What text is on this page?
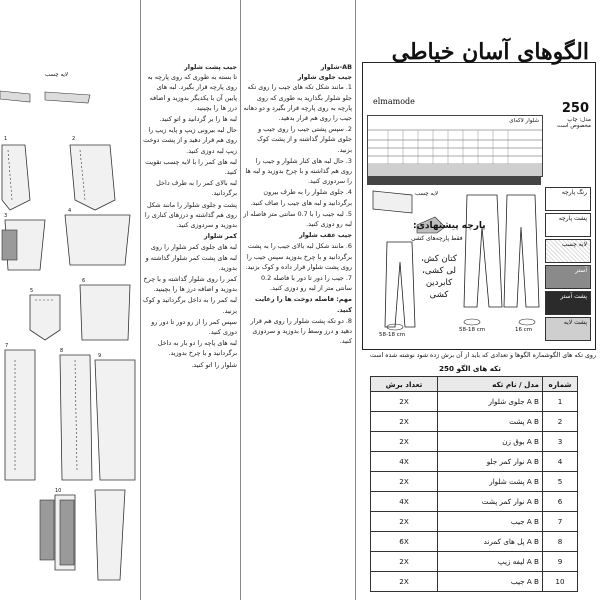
1	2
3
4
5
6
7
8
9
10
لایه چسب
جیب پشت شلوار

تا بسته به طوری که روی پارچه به روی پارچه قرار بگیرد. لبه های پایین آن با یکدیگر بدوزید و اضافه درز ها را بچینید.

لبه ها را بر گردانید و اتو کنید.

حال لبه بیرونی زیپ و پایه زیپ را روی هم قرار دهید و از پشت دوخت زیپ لبه دوزی کنید.

لبه های کمر را با لایه چسب تقویت کنید.

لبه بالای کمر را به طرف داخل برگردانید.

پشت و جلوی شلوار را مانند شکل روی هم گذاشته و درزهای کناری را بدوزید و سردوزی کنید.

کمر شلوار

لبه های جلوی کمر شلوار را روی لبه های پشت کمر شلوار گذاشته و بدوزید.

کمر را روی شلوار گذاشته و با چرخ بدوزید و اضافه درز ها را بچینید.

لبه کمر را به داخل برگردانید و کوک بزنید.

سپس کمر را از رو دور تا دور رو دوزی کنید.

لبه های پاچه را دو بار به داخل برگردانید و با چرخ بدوزید.

شلوار را اتو کنید.

AB-شلوار
جیب جلوی شلوار

1. مانند شکل تکه های جیب را روی تکه جلو شلوار بگذارید به طوری که روی پارچه به روی پارچه قرار بگیرد و دو دهانه جیب را روی هم قرار بدهید.

2. سپس پشتی جیب را روی جیب و جلوی شلوار گذاشته و از پشت کوک بزنید.

3. حال لبه های کنار شلوار و جیب را روی هم گذاشته و با چرخ بدوزید و لبه ها را سردوزی کنید.

4. جلوی شلوار را به طرف بیرون برگردانید و لبه های جیب را صاف کنید.

5. لبه جیب را با 0.7 سانتی متر فاصله از لبه رو دوزی کنید.

جیب عقب شلوار

6. مانند شکل لبه بالای جیب را به پشت برگردانید و با چرخ بدوزید سپس جیب را روی پشت شلوار قرار داده و کوک بزنید.

7. جیب را دور تا دور با فاصله 0.2 سانتی متر از لبه رو دوزی کنید.

مهم: فاصله دوخت ها را رعایت کنید.

8. دو تکه پشت شلوار را روی هم قرار دهید و درز وسط را بدوزید و سردوزی کنید.

الگوهای آسان خیاطی
elmamode	250
شلوار لاکه‌ای	مدل: چاپ
مخصوص است
58-18 cm
58-18 cm	16 cm
لایه چسب
پارچه پیشنهادی:
فقط پارچه‌های کشی
کتان کش، لی کشی، کابردین کشی
رنگ پارچه
پشت پارچه
لایه چسب
آستر
پشت آستر
پشت لایه
روی تکه های الگوشماره الگوها و تعدادی که باید از آن برش زده شود نوشته شده است
تکه های الگو 250
تعداد برش	مدل / نام تکه	شماره
2X	A B جلوی شلوار	1
2X	A B پشت	2
2X	A B بوق زن	3
4X	A B نوار کمر جلو	4
2X	A B پشت شلوار	5
4X	A B نوار کمر پشت	6
2X	A B جیب	7
6X	A B پل های کمرند	8
2X	A B لیفه زیپ	9
2X	A B جیب	10
